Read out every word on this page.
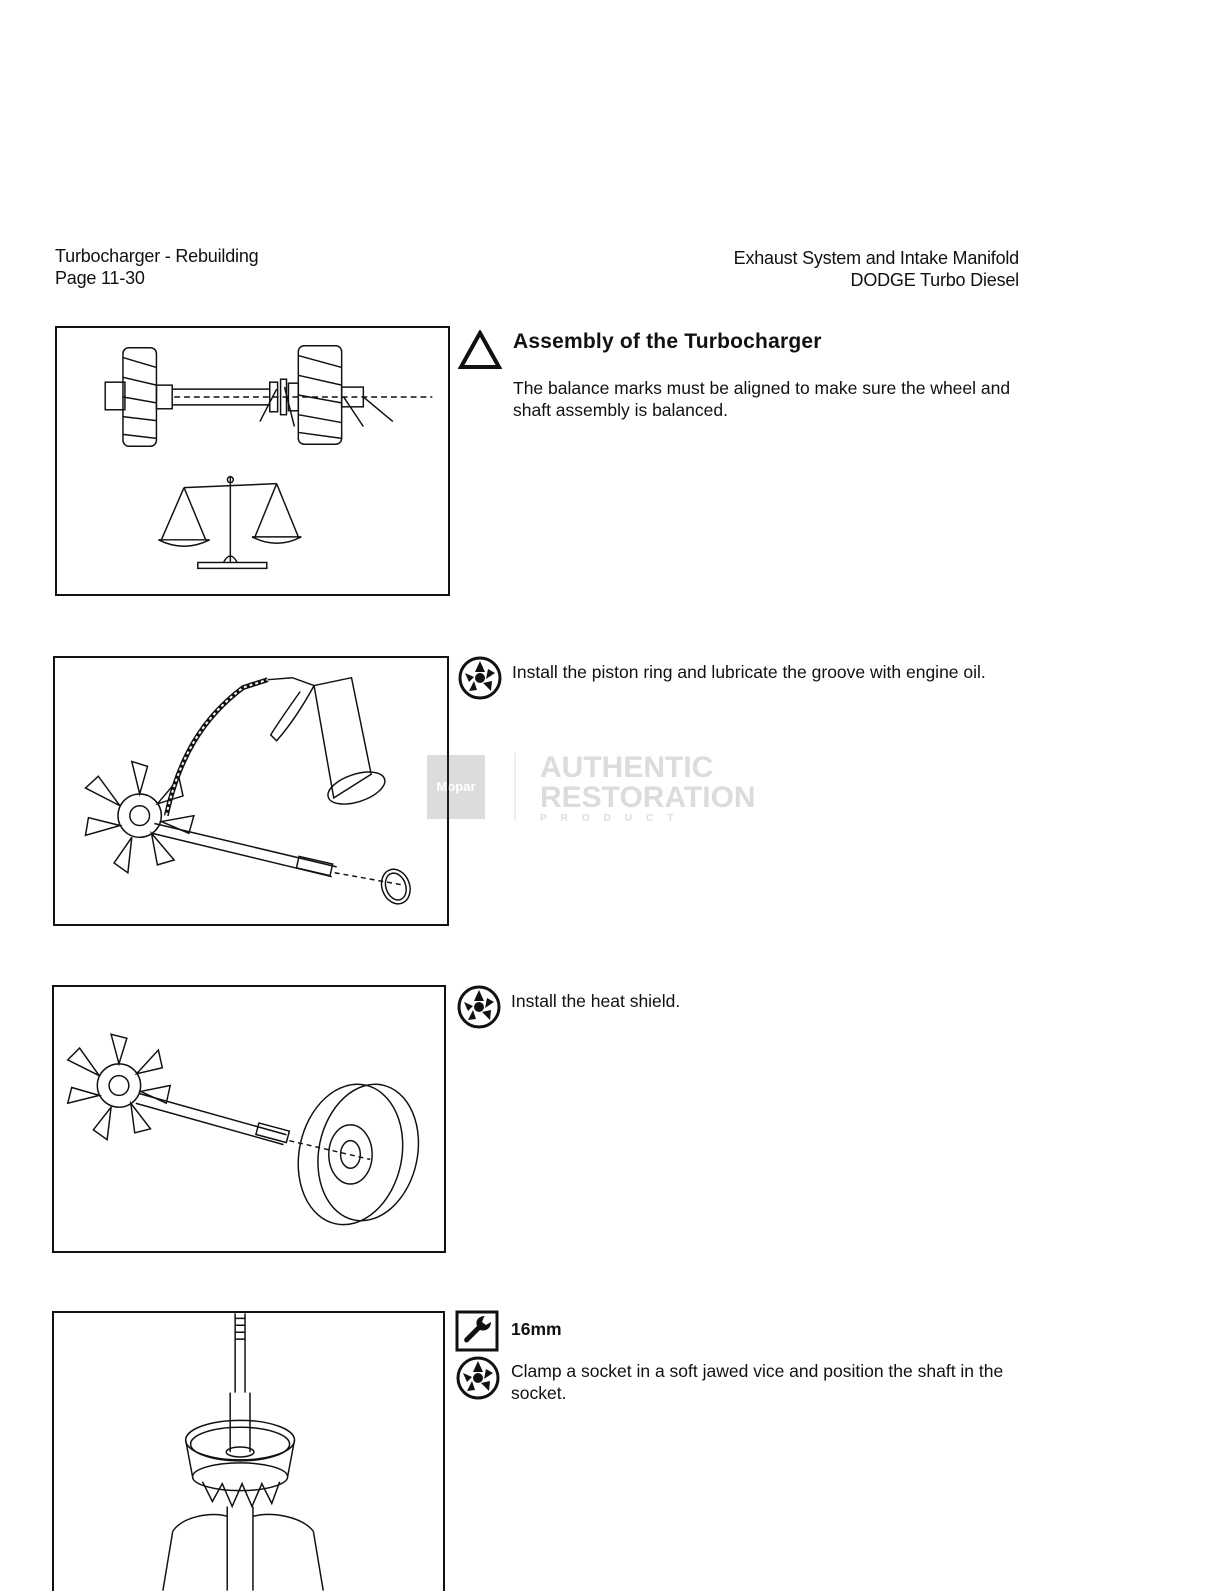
Turbocharger - Rebuilding
Page 11-30
Exhaust System and Intake Manifold
DODGE Turbo Diesel
Assembly of the Turbocharger
The balance marks must be aligned to make sure the wheel and shaft assembly is balanced.
Install the piston ring and lubricate the groove with engine oil.
Mopar
AUTHENTIC
RESTORATION
PRODUCT
Install the heat shield.
16mm
Clamp a socket in a soft jawed vice and position the shaft in the socket.
